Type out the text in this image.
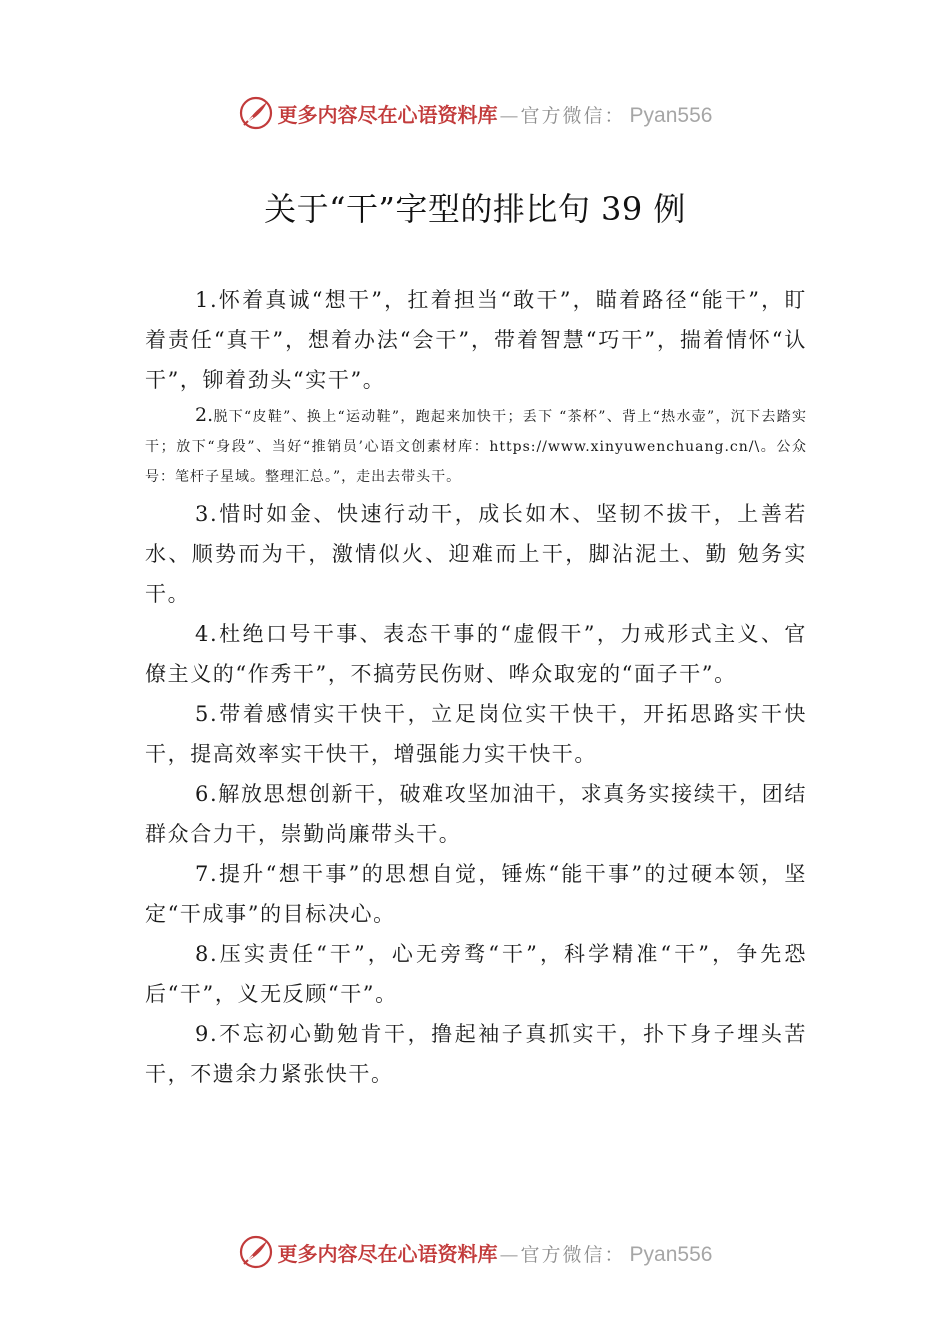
更多内容尽在心语资料库 — 官方微信： Pyan556
关于“干”字型的排比句 39 例

1.怀着真诚“想干”，扛着担当“敢干”，瞄着路径“能干”，盯着责任“真干”，想着办法“会干”，带着智慧“巧干”，揣着情怀“认干”，铆着劲头“实干”。

2.脱下“皮鞋”、换上“运动鞋”，跑起来加快干；丢下 “茶杯”、背上“热水壶”，沉下去踏实干；放下“身段”、当好“推销员’心语文创素材库：https://www.xinyuwenchuang.cn/\。公众号：笔杆子星域。整理汇总。”，走出去带头干。

3.惜时如金、快速行动干，成长如木、坚韧不拔干，上善若水、顺势而为干，激情似火、迎难而上干，脚沾泥土、勤 勉务实干。

4.杜绝口号干事、表态干事的“虚假干”，力戒形式主义、官僚主义的“作秀干”，不搞劳民伤财、哗众取宠的“面子干”。

5.带着感情实干快干，立足岗位实干快干，开拓思路实干快干，提高效率实干快干，增强能力实干快干。

6.解放思想创新干，破难攻坚加油干，求真务实接续干，团结群众合力干，崇勤尚廉带头干。

7.提升“想干事”的思想自觉，锤炼“能干事”的过硬本领，坚定“干成事”的目标决心。

8.压实责任“干”，心无旁骛“干”，科学精准“干”，争先恐后“干”，义无反顾“干”。

9.不忘初心勤勉肯干，撸起袖子真抓实干，扑下身子埋头苦干，不遗余力紧张快干。

更多内容尽在心语资料库 — 官方微信： Pyan556
